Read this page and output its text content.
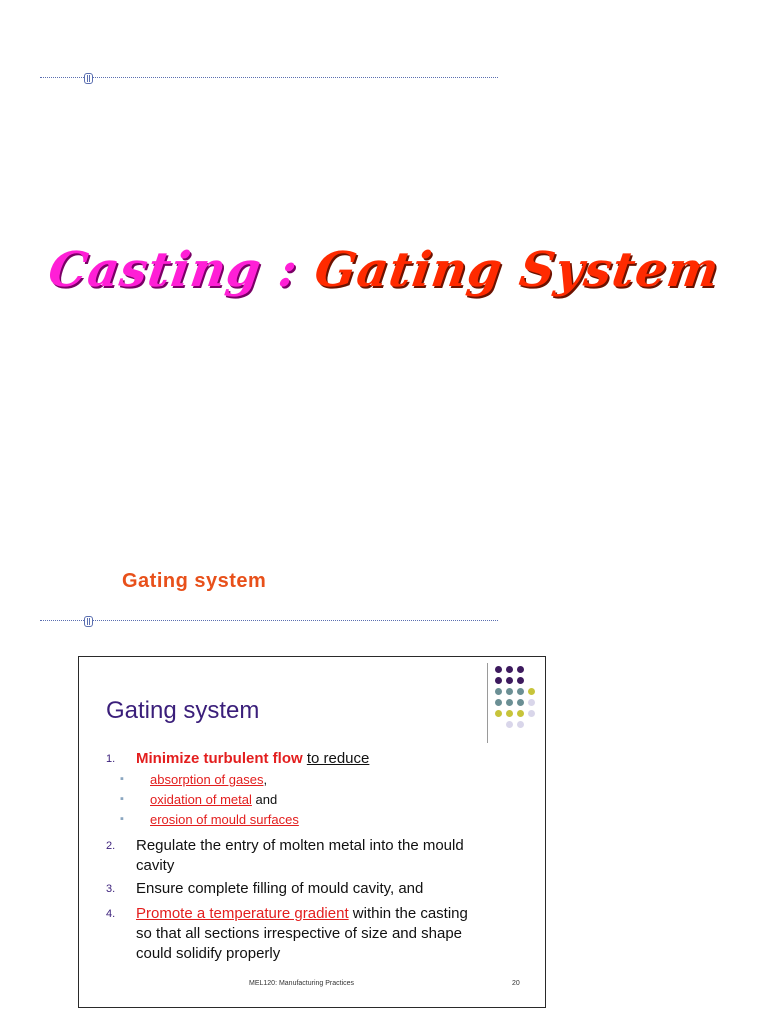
Casting : Gating System
Gating system
Gating system
1. Minimize turbulent flow to reduce
▪ absorption of gases,
▪ oxidation of metal and
▪ erosion of mould surfaces
2. Regulate the entry of molten metal into the mould
cavity
3. Ensure complete filling of mould cavity, and
4. Promote a temperature gradient within the casting
so that all sections irrespective of size and shape
could solidify properly
MEL120: Manufacturing Practices	20
